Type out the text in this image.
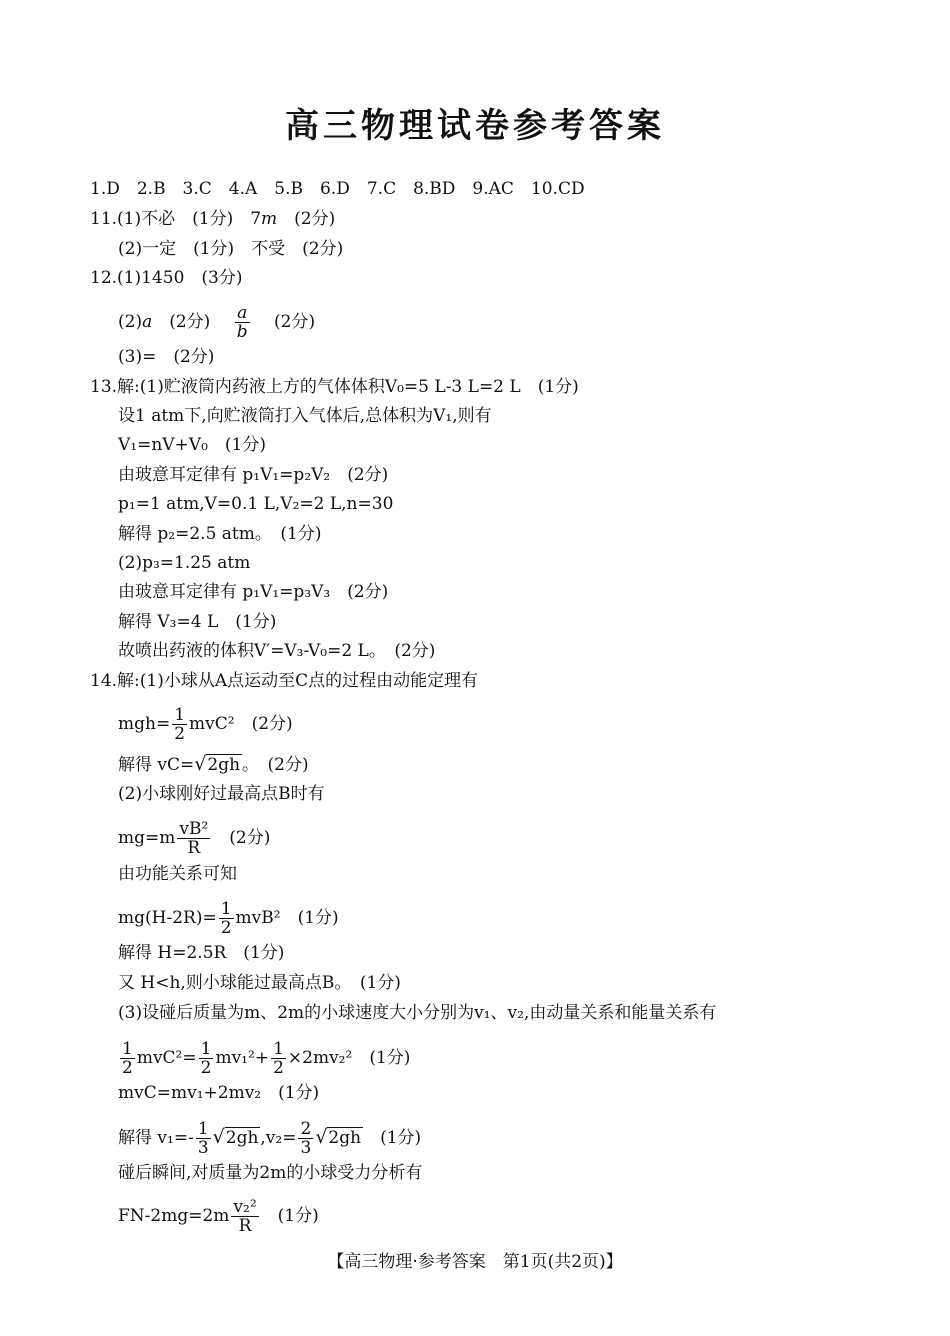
高三物理试卷参考答案
1.D　2.B　3.C　4.A　5.B　6.D　7.C　8.BD　9.AC　10.CD
11.(1)不必　(1分)　7m　 (2分)
(2)一定　(1分)　不受　(2分)
12.(1)1450　(3分)
(2)a　 (2分)　 $\frac{a}{b}$
　 (2分)
(3)=　(2分)
13.解:(1)贮液筒内药液上方的气体体积V₀=5 L-3 L=2 L　(1分)
设1 atm下,向贮液筒打入气体后,总体积为V₁,则有
V₁=nV+V₀　(1分)
由玻意耳定律有 p₁V₁=p₂V₂　(2分)
p₁=1 atm,V=0.1 L,V₂=2 L,n=30
解得 p₂=2.5 atm。　(1分)
(2)p₃=1.25 atm
由玻意耳定律有 p₁V₁=p₃V₃　(2分)
解得 V₃=4 L　(1分)
故喷出药液的体积V′=V₃-V₀=2 L。　(2分)
14.解:(1)小球从A点运动至C点的过程由动能定理有
$mgh= \frac{1}{2} mvC^2$　 (2分)
解得 vC=√2gh 。　(2分)
(2)小球刚好过最高点B时有
$mg=m \frac{\text{vB²}}{R}$
　 (2分)
由功能关系可知
$mg(H-2R)= \frac{1}{2} mvB^2$　 (1分)
解得 H=2.5R　(1分)
又 H<h,则小球能过最高点B。　(1分)
(3)设碰后质量为m、2m的小球速度大小分别为v₁、v₂,由动量关系和能量关系有
$\frac{1}{2} mvC^2= \frac{1}{2} mv_1^2+ \frac{1}{2} \times 2mv_2^2$　 (1分)
mvC=mv₁+2mv₂　(1分)
解得 $v_1=- \frac{1}{3} √2gh$ $,v_2= \frac{2}{3} √2gh$　 (1分)
碰后瞬间,对质量为2m的小球受力分析有
$FN-2mg=2m \frac{\text{v₂²}}{R}$
　 (1分)
【高三物理·参考答案　第1页(共2页)】
